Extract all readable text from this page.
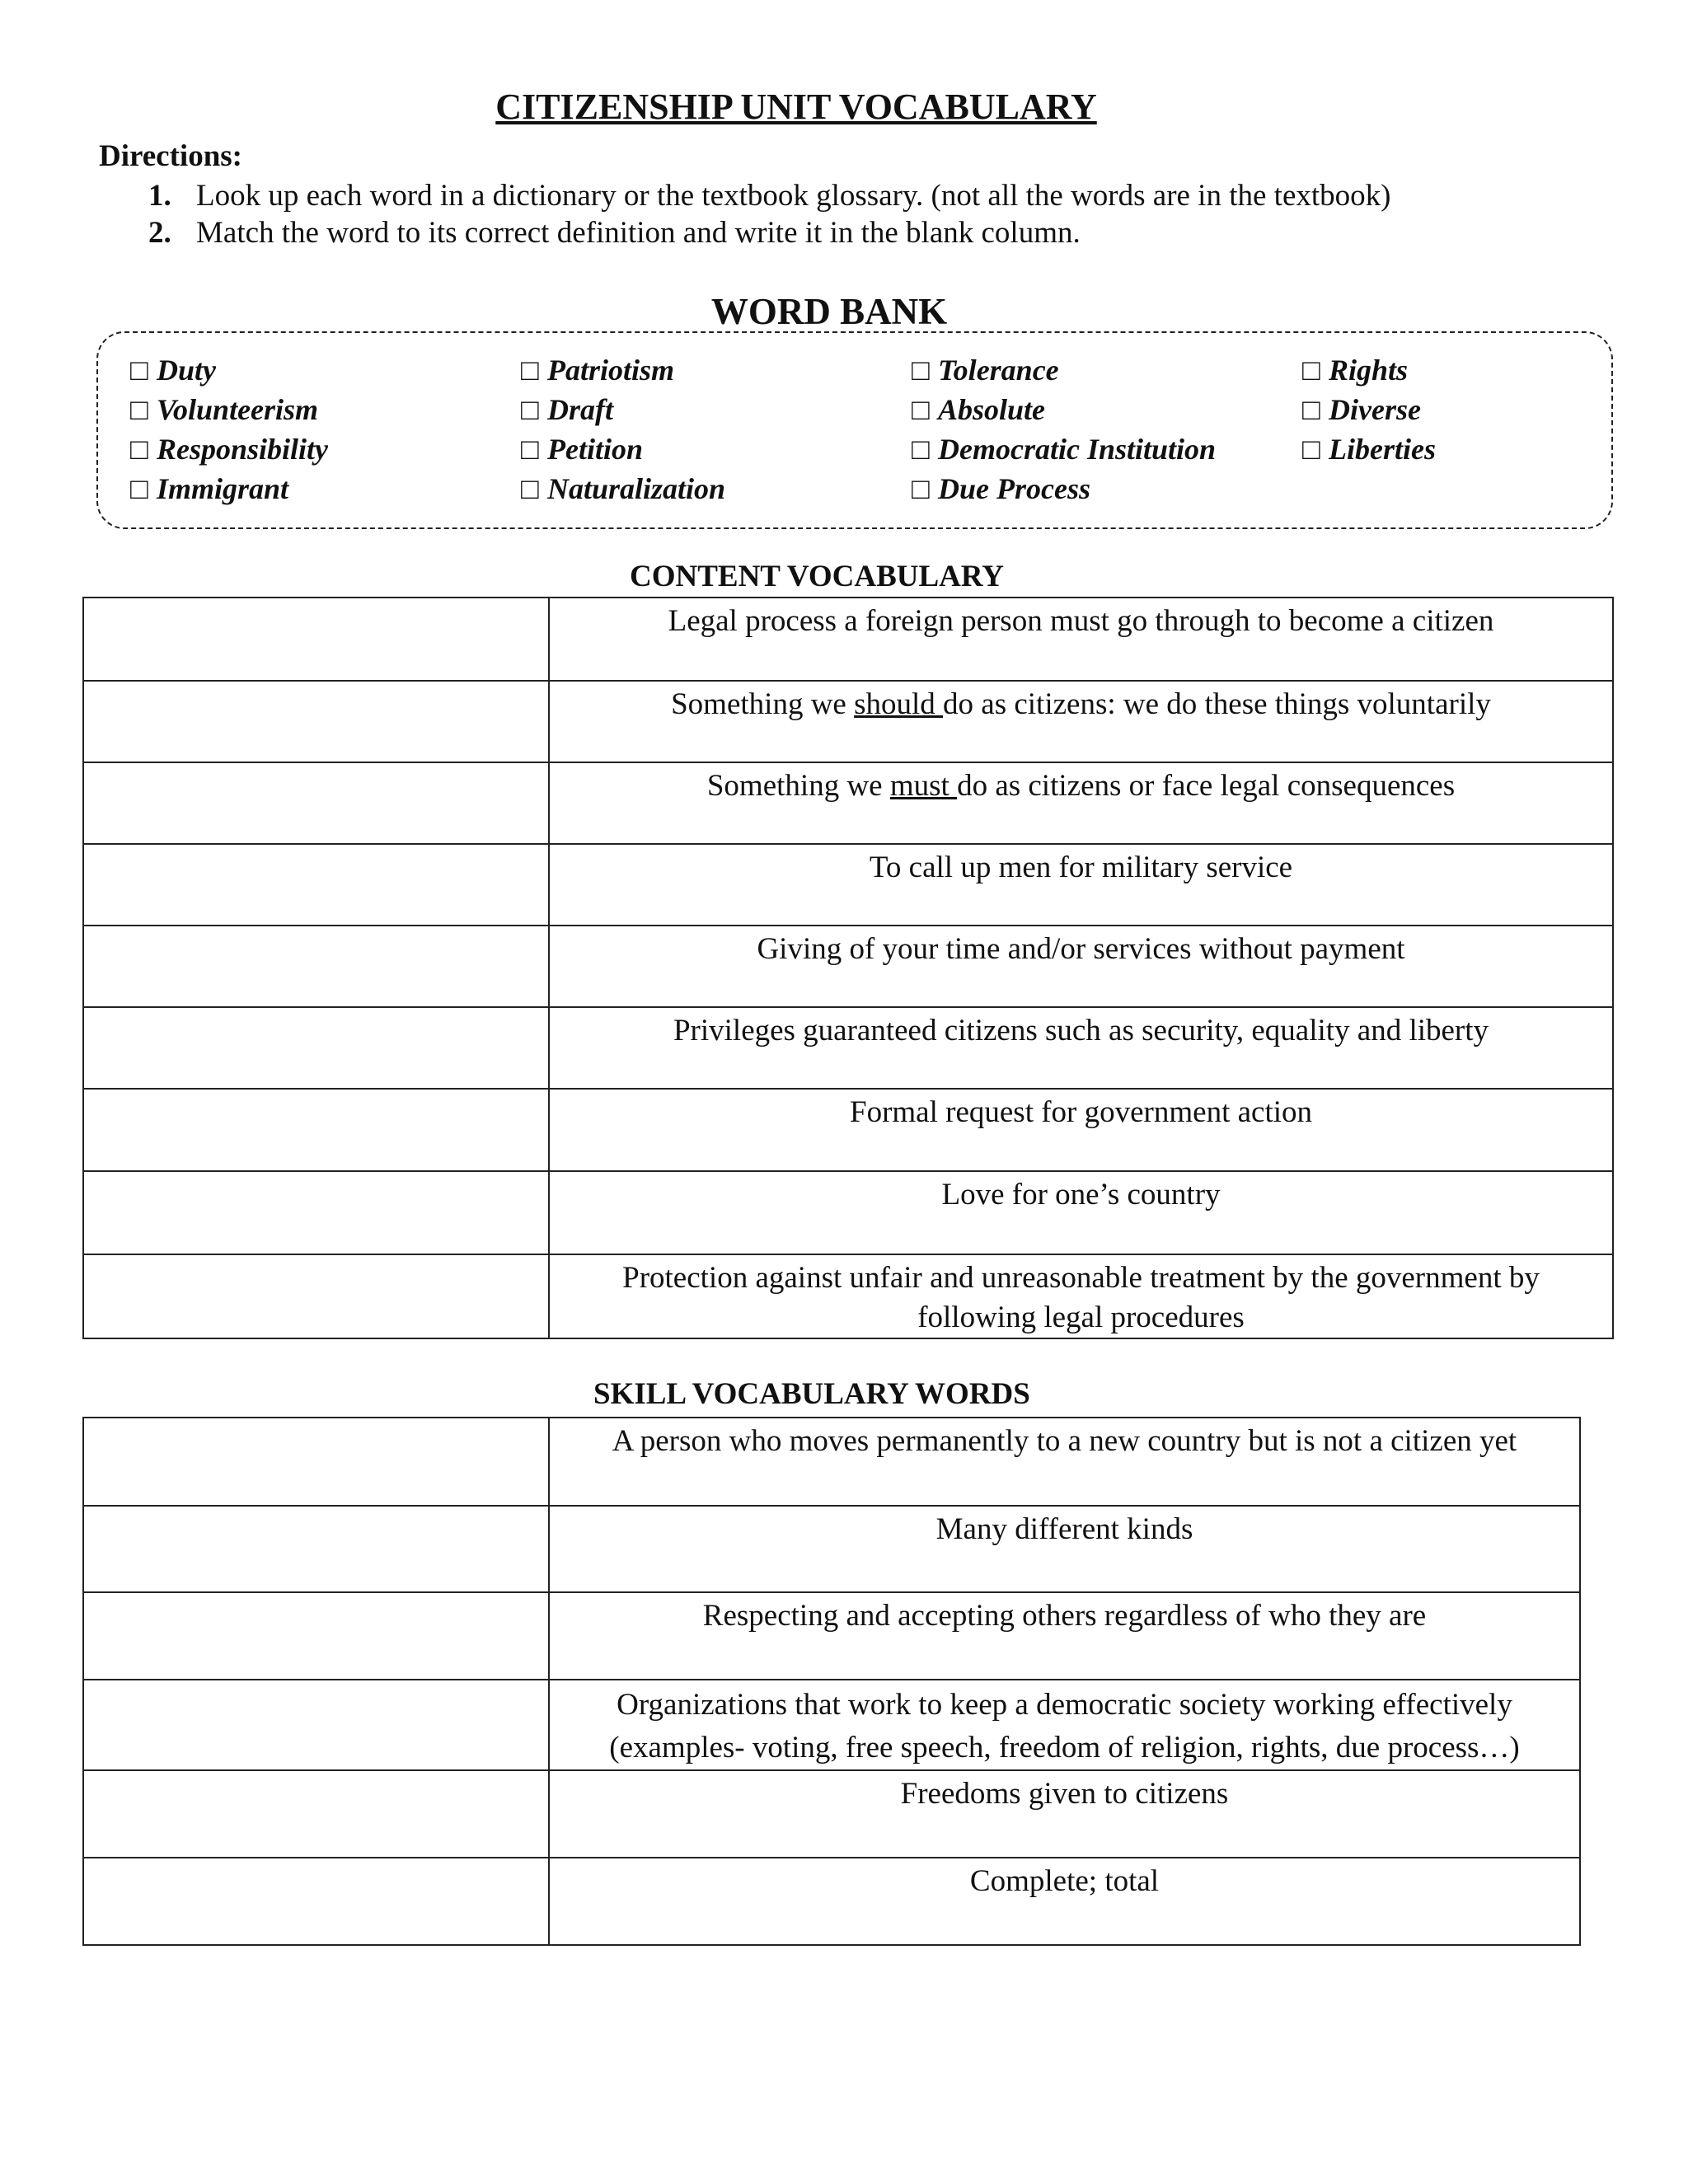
CITIZENSHIP UNIT VOCABULARY
Directions:
1. Look up each word in a dictionary or the textbook glossary. (not all the words are in the textbook)
2. Match the word to its correct definition and write it in the blank column.
WORD BANK
□ Duty
□ Volunteerism
□ Responsibility
□ Immigrant
□ Patriotism
□ Draft
□ Petition
□ Naturalization
□ Tolerance
□ Absolute
□ Democratic Institution
□ Due Process
□ Rights
□ Diverse
□ Liberties
CONTENT VOCABULARY
	Legal process a foreign person must go through to become a citizen
	Something we should do as citizens: we do these things voluntarily
	Something we must do as citizens or face legal consequences
	To call up men for military service
	Giving of your time and/or services without payment
	Privileges guaranteed citizens such as security, equality and liberty
	Formal request for government action
	Love for one’s country
	Protection against unfair and unreasonable treatment by the government by following legal procedures
SKILL VOCABULARY WORDS
	A person who moves permanently to a new country but is not a citizen yet
	Many different kinds
	Respecting and accepting others regardless of who they are
	Organizations that work to keep a democratic society working effectively (examples- voting, free speech, freedom of religion, rights, due process…)
	Freedoms given to citizens
	Complete; total
